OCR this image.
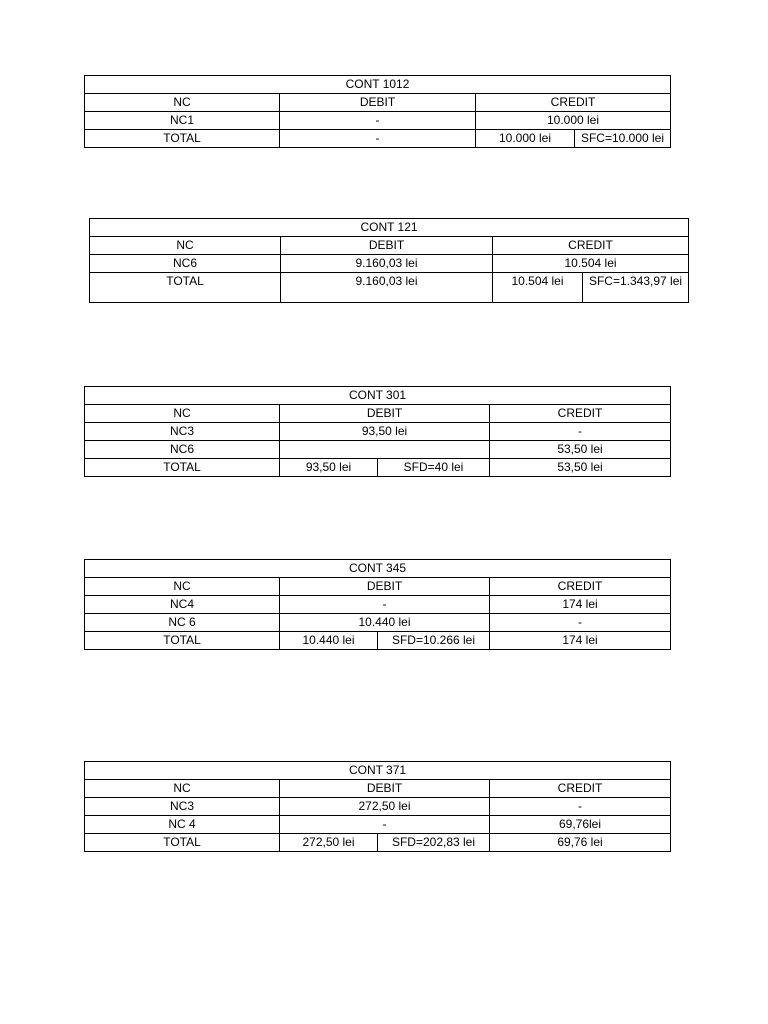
CONT 1012			
NC	DEBIT	CREDIT	
NC1	-	10.000 lei	
TOTAL	-	10.000 lei	SFC=10.000 lei
CONT 121			
NC	DEBIT	CREDIT	
NC6	9.160,03 lei	10.504 lei	
TOTAL	9.160,03 lei	10.504 lei	SFC=1.343,97 lei
CONT 301			
NC	DEBIT		CREDIT
NC3	93,50 lei		-
NC6			53,50 lei
TOTAL	93,50 lei	SFD=40 lei	53,50 lei
CONT 345			
NC	DEBIT		CREDIT
NC4	-		174 lei
NC 6	10.440 lei		-
TOTAL	10.440 lei	SFD=10.266 lei	174 lei
CONT 371			
NC	DEBIT		CREDIT
NC3	272,50 lei		-
NC 4	-		69,76lei
TOTAL	272,50 lei	SFD=202,83 lei	69,76 lei
